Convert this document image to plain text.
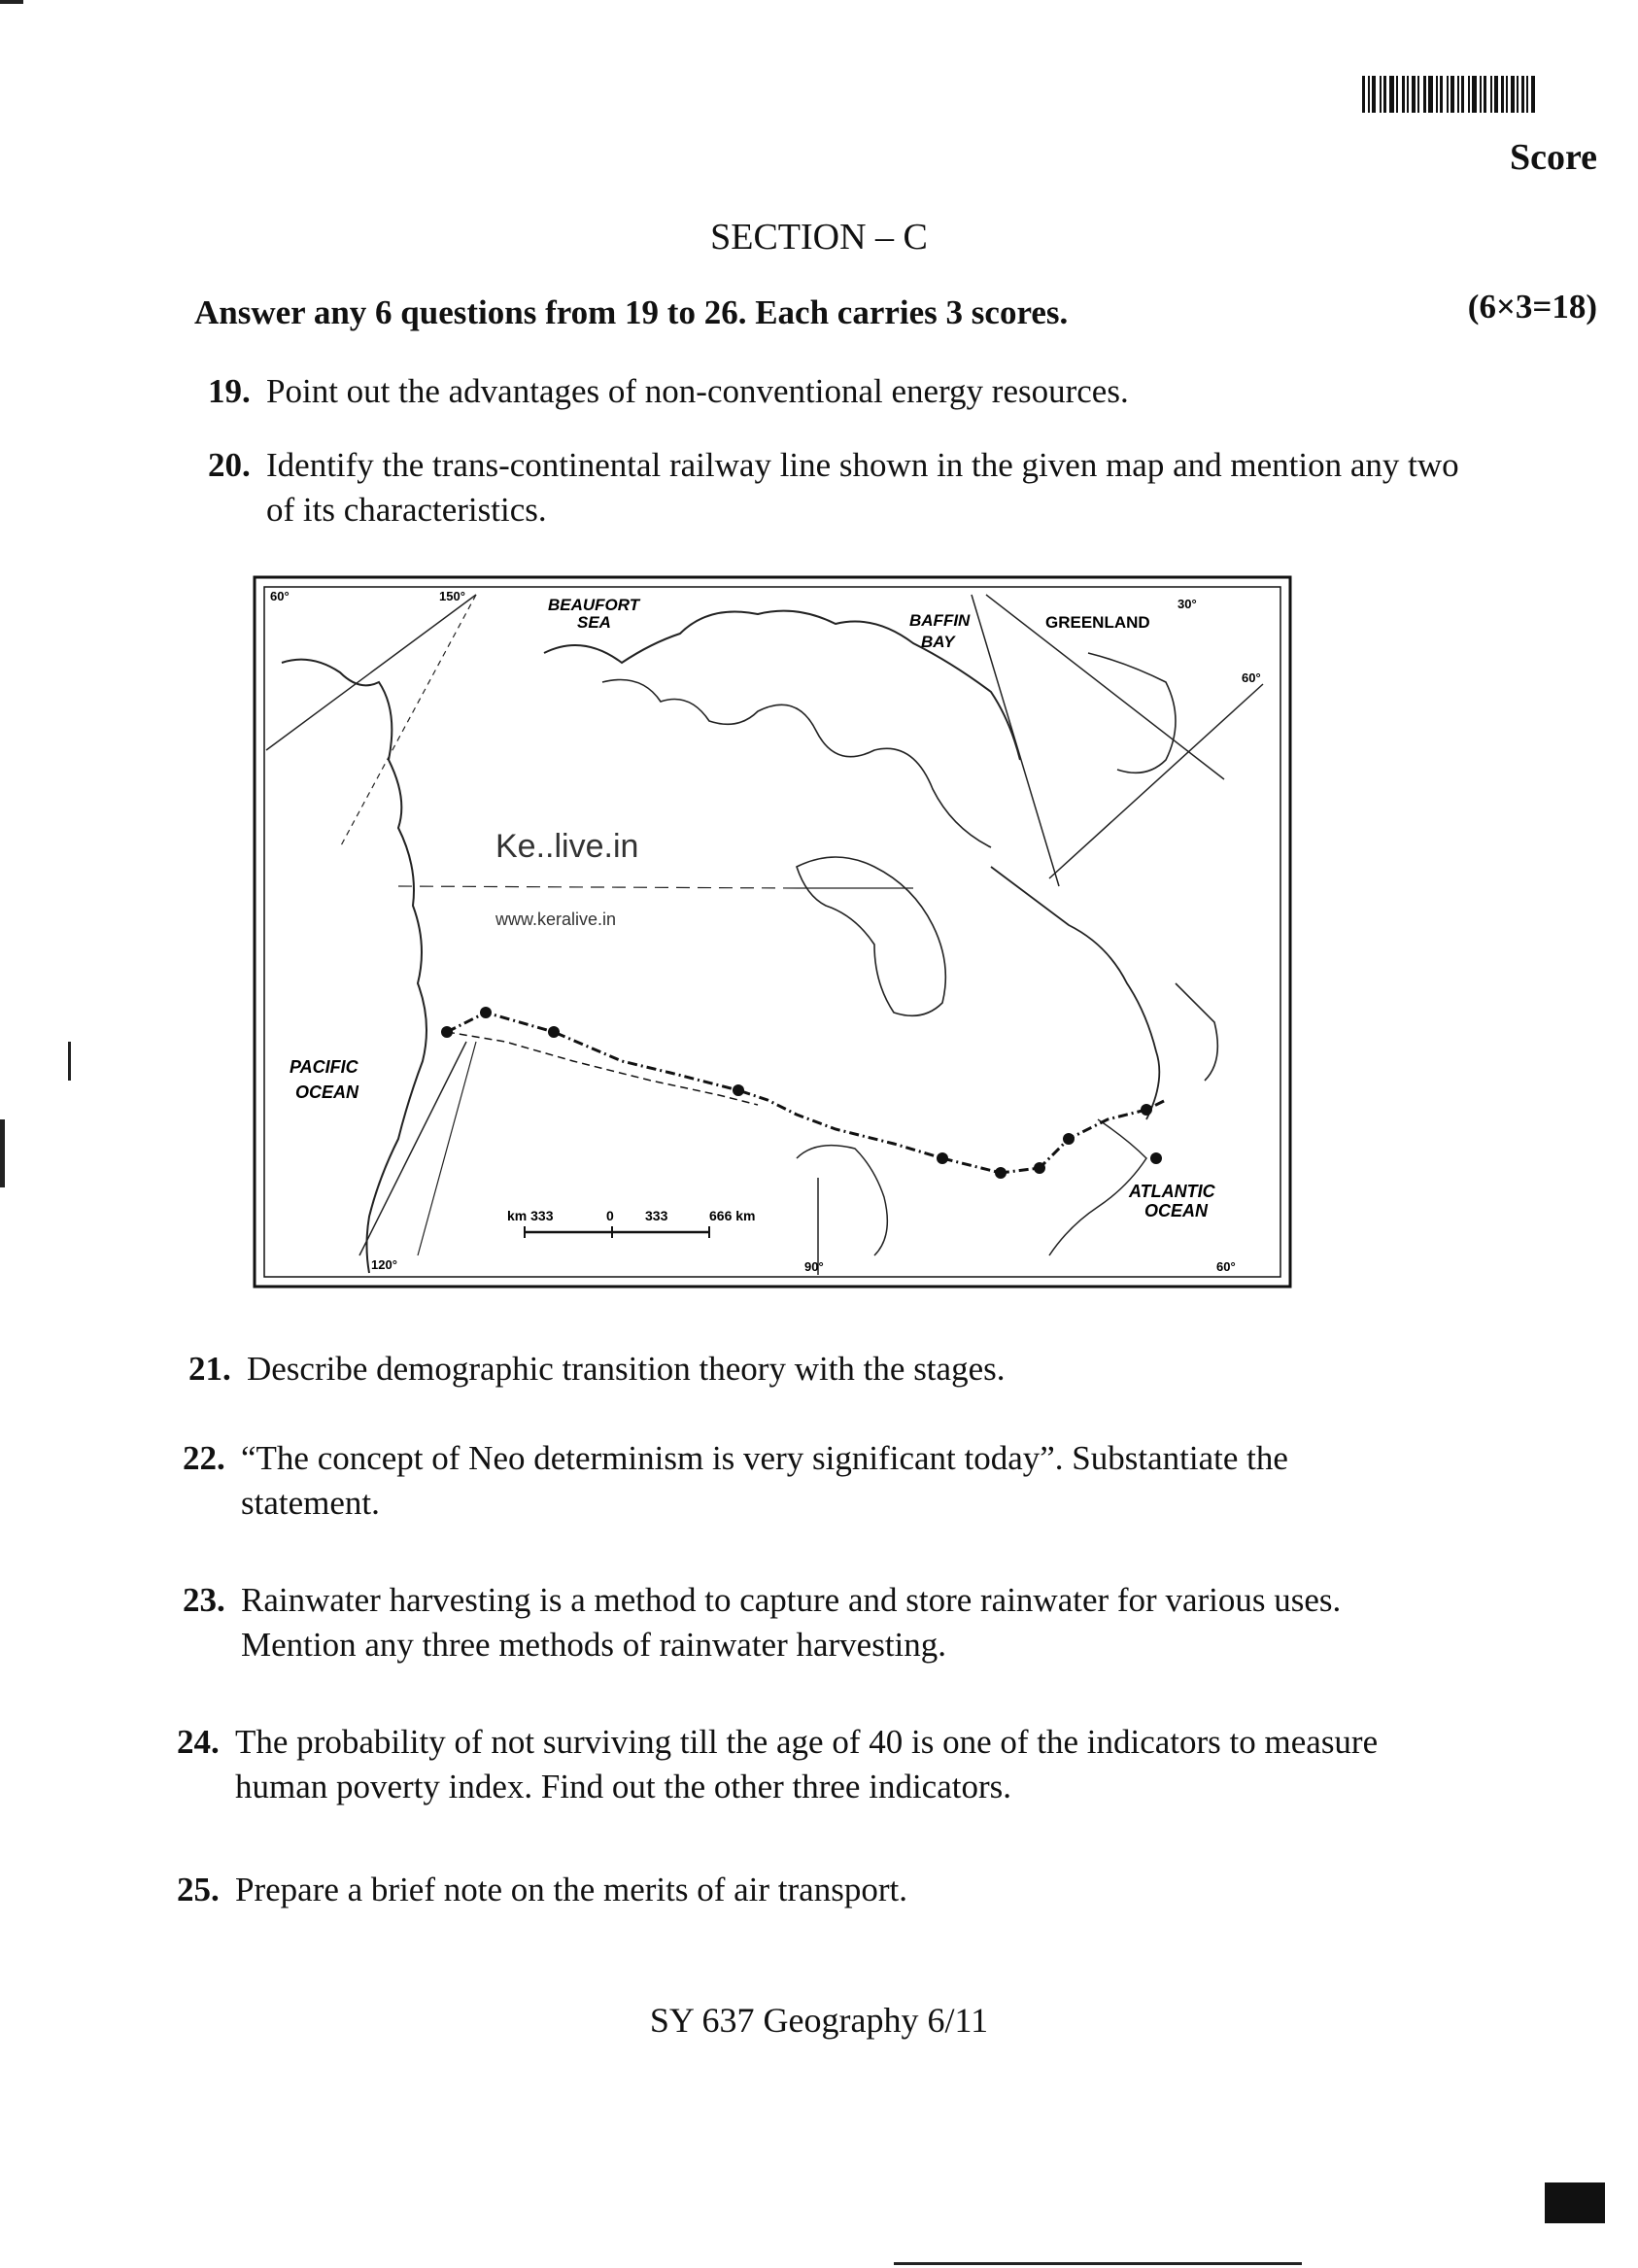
Score
SECTION – C
Answer any 6 questions from 19 to 26. Each carries 3 scores.	(6×3=18)
19. Point out the advantages of non-conventional energy resources.
20. Identify the trans-continental railway line shown in the given map and mention any two
of its characteristics.
km 333	0 333	666 km
BEAUFORT
SEA	BAFFIN
BAY
GREENLAND
PACIFIC
OCEAN
ATLANTIC
OCEAN
Ke..live.in
www.keralive.in
150°
60°
120°	90°	60°
60°
30°
21. Describe demographic transition theory with the stages.
22. “The concept of Neo determinism is very significant today”. Substantiate the
statement.
23. Rainwater harvesting is a method to capture and store rainwater for various uses.
Mention any three methods of rainwater harvesting.
24. The probability of not surviving till the age of 40 is one of the indicators to measure
human poverty index. Find out the other three indicators.
25. Prepare a brief note on the merits of air transport.
SY 637 Geography 6/11
